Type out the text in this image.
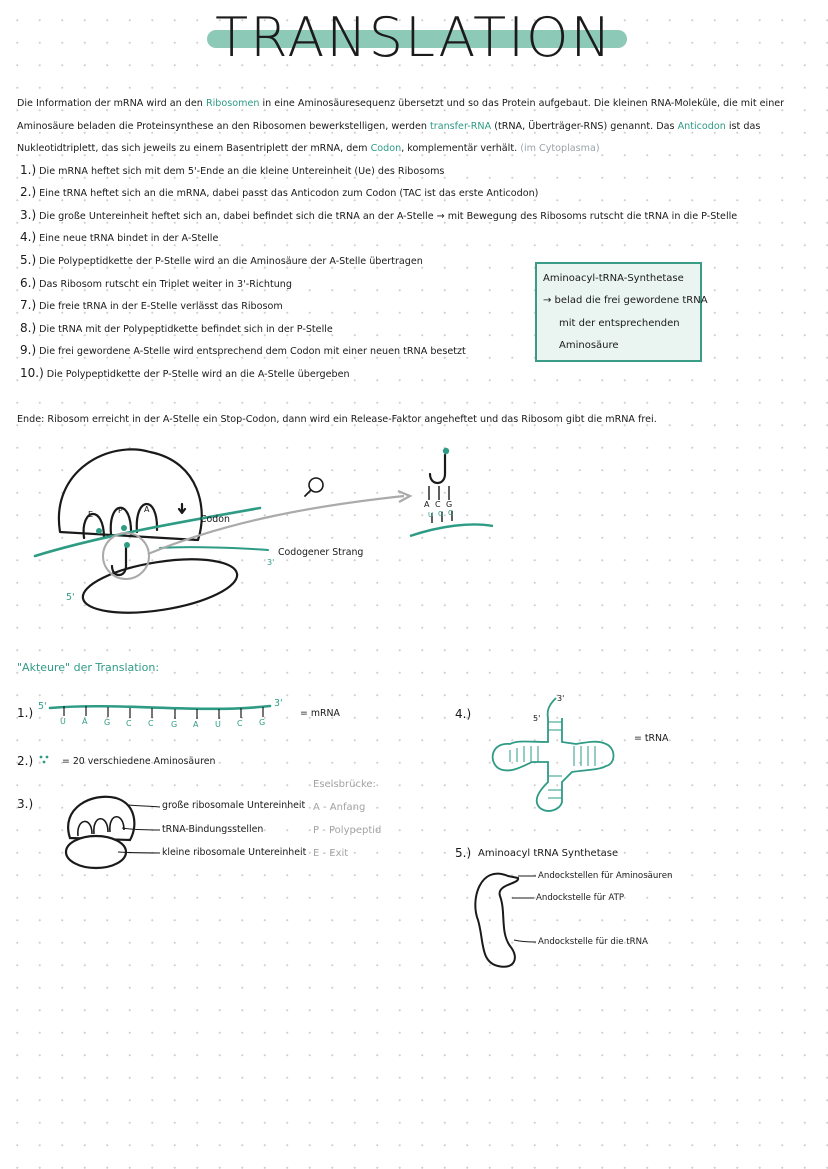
TRANSLATION
Die Information der mRNA wird an den Ribosomen in eine Aminosäuresequenz übersetzt und so das Protein aufgebaut. Die kleinen RNA-Moleküle, die mit einer Aminosäure beladen die Proteinsynthese an den Ribosomen bewerkstelligen, werden transfer-RNA (tRNA, Überträger-RNS) genannt. Das Anticodon ist das Nukleotidtriplett, das sich jeweils zu einem Basentriplett der mRNA, dem Codon, komplementär verhält. (im Cytoplasma)
1.) Die mRNA heftet sich mit dem 5'-Ende an die kleine Untereinheit (Ue) des Ribosoms
2.) Eine tRNA heftet sich an die mRNA, dabei passt das Anticodon zum Codon (TAC ist das erste Anticodon)
3.) Die große Untereinheit heftet sich an, dabei befindet sich die tRNA an der A-Stelle → mit Bewegung des Ribosoms rutscht die tRNA in die P-Stelle
4.) Eine neue tRNA bindet in der A-Stelle
5.) Die Polypeptidkette der P-Stelle wird an die Aminosäure der A-Stelle übertragen
6.) Das Ribosom rutscht ein Triplet weiter in 3'-Richtung
7.) Die freie tRNA in der E-Stelle verlässt das Ribosom
8.) Die tRNA mit der Polypeptidkette befindet sich in der P-Stelle
9.) Die frei gewordene A-Stelle wird entsprechend dem Codon mit einer neuen tRNA besetzt
10.) Die Polypeptidkette der P-Stelle wird an die A-Stelle übergeben
Aminoacyl-tRNA-Synthetase
→ belad die frei gewordene tRNA
mit der entsprechenden
Aminosäure
Ende: Ribosom erreicht in der A-Stelle ein Stop-Codon, dann wird ein Release-Faktor angeheftet und das Ribosom gibt die mRNA frei.
E	P	A
Codon
Codogener Strang
3'
5'
A C G
U G C
"Akteure" der Translation:
1.) 5'	3'
U A G C C G A U C G
= mRNA
2.)	= 20 verschiedene Aminosäuren
3.)	große ribosomale Untereinheit
tRNA-Bindungsstellen
kleine ribosomale Untereinheit
Eselsbrücke:
A - Anfang
P - Polypeptid
E - Exit
4.)
3'
5'
= tRNA
5.) Aminoacyl tRNA Synthetase
Andockstellen für Aminosäuren
Andockstelle für ATP
Andockstelle für die tRNA
